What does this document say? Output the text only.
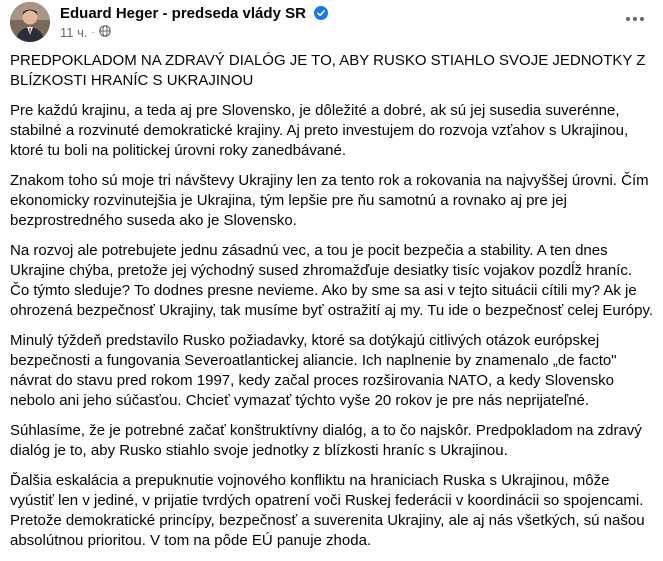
Eduard Heger - predseda vlády SR
11 ч. ·

PREDPOKLADOM NA ZDRAVÝ DIALÓG JE TO, ABY RUSKO STIAHLO SVOJE JEDNOTKY Z BLÍZKOSTI HRANÍC S UKRAJINOU

Pre každú krajinu, a teda aj pre Slovensko, je dôležité a dobré, ak sú jej susedia suverénne, stabilné a rozvinuté demokratické krajiny. Aj preto investujem do rozvoja vzťahov s Ukrajinou, ktoré tu boli na politickej úrovni roky zanedbávané.

Znakom toho sú moje tri návštevy Ukrajiny len za tento rok a rokovania na najvyššej úrovni. Čím ekonomicky rozvinutejšia je Ukrajina, tým lepšie pre ňu samotnú a rovnako aj pre jej bezprostredného suseda ako je Slovensko.

Na rozvoj ale potrebujete jednu zásadnú vec, a tou je pocit bezpečia a stability. A ten dnes Ukrajine chýba, pretože jej východný sused zhromažďuje desiatky tisíc vojakov pozdĺž hraníc. Čo týmto sleduje? To dodnes presne nevieme. Ako by sme sa asi v tejto situácii cítili my? Ak je ohrozená bezpečnosť Ukrajiny, tak musíme byť ostražití aj my. Tu ide o bezpečnosť celej Európy.

Minulý týždeň predstavilo Rusko požiadavky, ktoré sa dotýkajú citlivých otázok európskej bezpečnosti a fungovania Severoatlantickej aliancie. Ich naplnenie by znamenalo „de facto" návrat do stavu pred rokom 1997, kedy začal proces rozširovania NATO, a kedy Slovensko nebolo ani jeho súčasťou. Chcieť vymazať týchto vyše 20 rokov je pre nás neprijateľné.

Súhlasíme, že je potrebné začať konštruktívny dialóg, a to čo najskôr. Predpokladom na zdravý dialóg je to, aby Rusko stiahlo svoje jednotky z blízkosti hraníc s Ukrajinou.

Ďalšia eskalácia a prepuknutie vojnového konfliktu na hraniciach Ruska s Ukrajinou, môže vyústiť len v jediné, v prijatie tvrdých opatrení voči Ruskej federácii v koordinácii so spojencami. Pretože demokratické princípy, bezpečnosť a suverenita Ukrajiny, ale aj nás všetkých, sú našou absolútnou prioritou. V tom na pôde EÚ panuje zhoda.
